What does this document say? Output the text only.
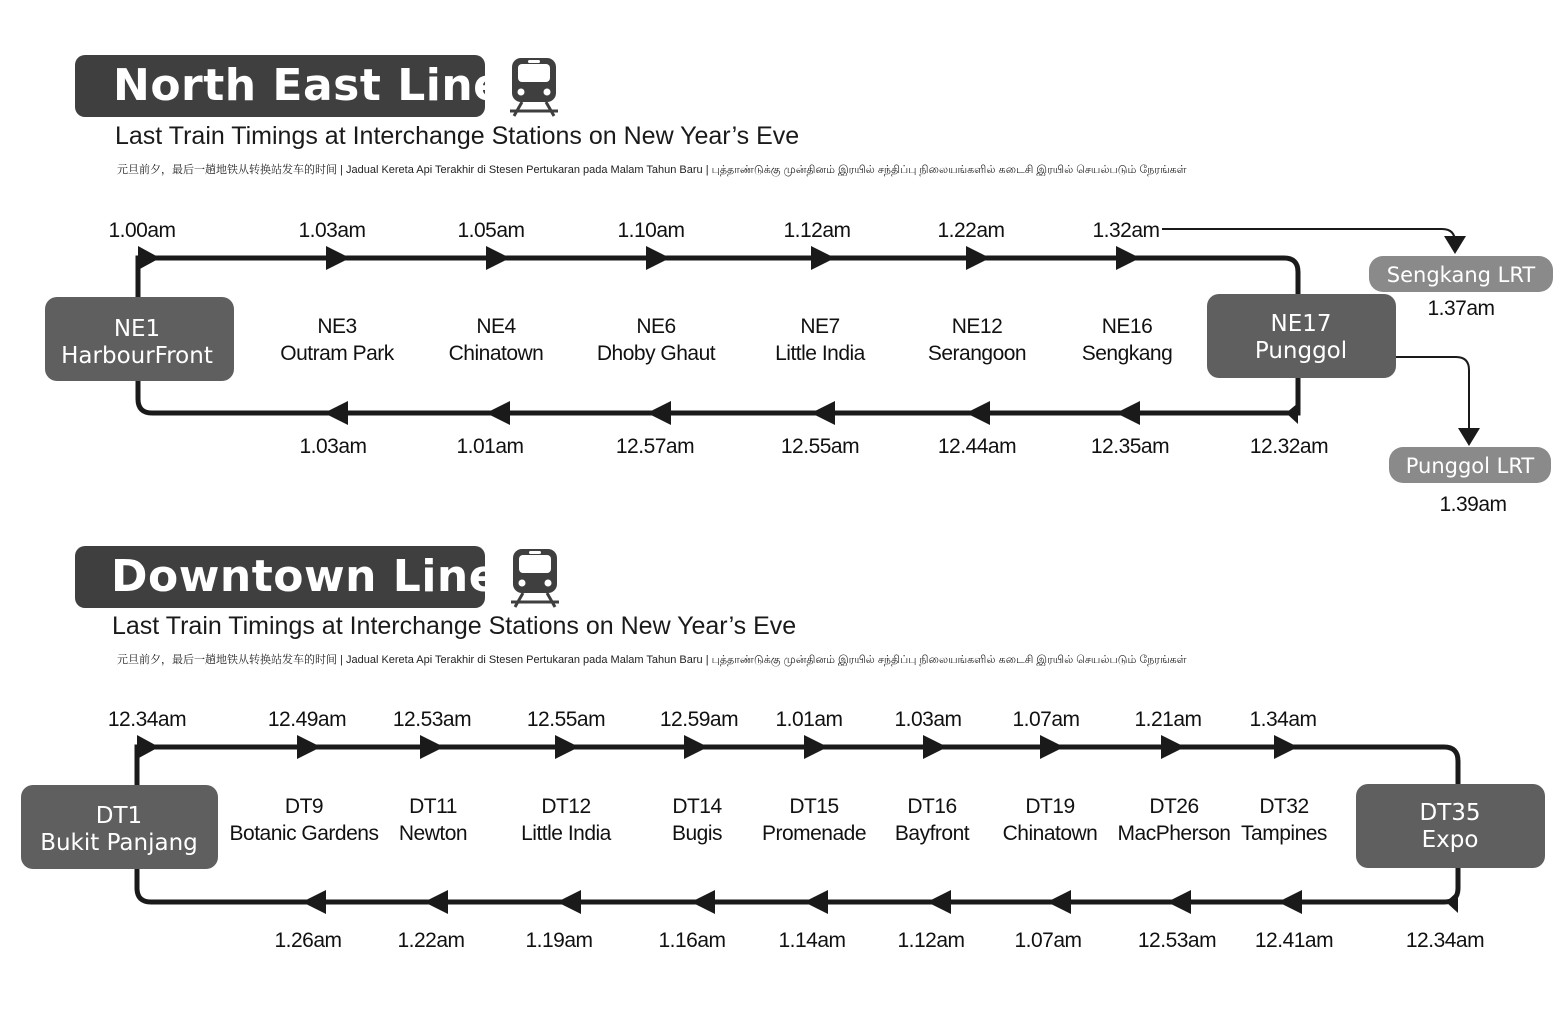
North East Line
Last Train Timings at Interchange Stations on New Year’s Eve
元旦前夕，最后一趟地铁从转换站发车的时间 | Jadual Kereta Api Terakhir di Stesen Pertukaran pada Malam Tahun Baru | புத்தாண்டுக்கு முன்தினம் இரயில் சந்திப்பு நிலையங்களில் கடைசி இரயில் செயல்படும் நேரங்கள்
NE1
HarbourFront
NE17
Punggol
NE3
Outram Park
NE4
Chinatown
NE6
Dhoby Ghaut
NE7
Little India
NE12
Serangoon
NE16
Sengkang
1.00am	1.03am	1.05am	1.10am	1.12am	1.22am	1.32am
1.03am	1.01am	12.57am	12.55am	12.44am	12.35am	12.32am
Sengkang LRT
1.37am
Punggol LRT
1.39am
Downtown Line
Last Train Timings at Interchange Stations on New Year’s Eve
元旦前夕，最后一趟地铁从转换站发车的时间 | Jadual Kereta Api Terakhir di Stesen Pertukaran pada Malam Tahun Baru | புத்தாண்டுக்கு முன்தினம் இரயில் சந்திப்பு நிலையங்களில் கடைசி இரயில் செயல்படும் நேரங்கள்
DT1
Bukit Panjang
DT35
Expo
DT9
Botanic Gardens
DT11
Newton
DT12
Little India
DT14
Bugis
DT15
Promenade
DT16
Bayfront
DT19
Chinatown
DT26
MacPherson
DT32
Tampines
12.34am	12.49am 12.53am	12.55am	12.59am 1.01am 1.03am 1.07am	1.21am 1.34am
1.26am	1.22am	1.19am	1.16am	1.14am 1.12am 1.07am	12.53am 12.41am	12.34am
